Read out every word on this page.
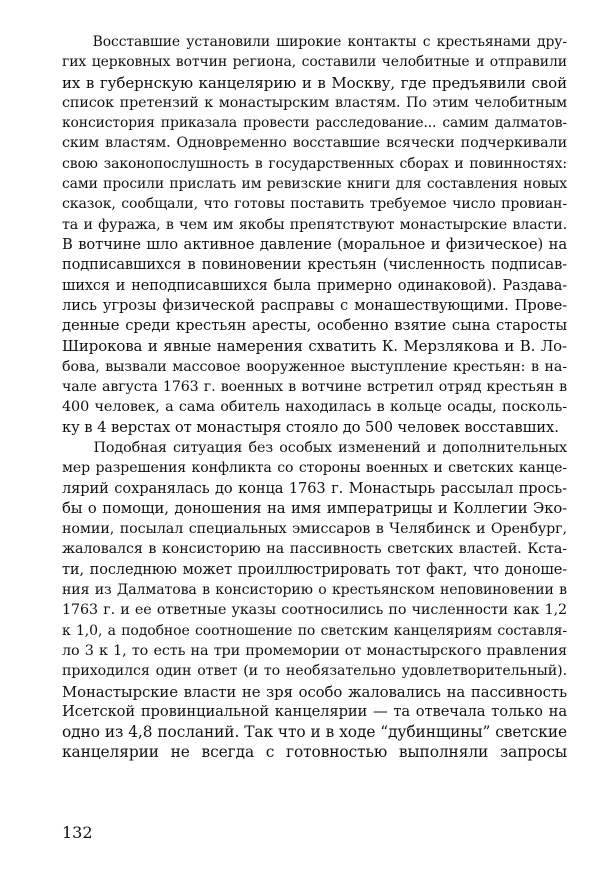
Восставшие установили широкие контакты с крестьянами дру-
гих церковных вотчин региона, составили челобитные и отправили
их в губернскую канцелярию и в Москву, где предъявили свой
список претензий к монастырским властям. По этим челобитным
консистория приказала провести расследование... самим далматов-
ским властям. Одновременно восставшие всячески подчеркивали
свою законопослушность в государственных сборах и повинностях:
сами просили прислать им ревизские книги для составления новых
сказок, сообщали, что готовы поставить требуемое число провиан-
та и фуража, в чем им якобы препятствуют монастырские власти.
В вотчине шло активное давление (моральное и физическое) на
подписавшихся в повиновении крестьян (численность подписав-
шихся и неподписавшихся была примерно одинаковой). Раздава-
лись угрозы физической расправы с монашествующими. Прове-
денные среди крестьян аресты, особенно взятие сына старосты
Широкова и явные намерения схватить К. Мерзлякова и В. Ло-
бова, вызвали массовое вооруженное выступление крестьян: в на-
чале августа 1763 г. военных в вотчине встретил отряд крестьян в
400 человек, а сама обитель находилась в кольце осады, посколь-
ку в 4 верстах от монастыря стояло до 500 человек восставших.
Подобная ситуация без особых изменений и дополнительных
мер разрешения конфликта со стороны военных и светских канце-
лярий сохранялась до конца 1763 г. Монастырь рассылал прось-
бы о помощи, доношения на имя императрицы и Коллегии Эко-
номии, посылал специальных эмиссаров в Челябинск и Оренбург,
жаловался в консисторию на пассивность светских властей. Кста-
ти, последнюю может проиллюстрировать тот факт, что доноше-
ния из Далматова в консисторию о крестьянском неповиновении в
1763 г. и ее ответные указы соотносились по численности как 1,2
к 1,0, а подобное соотношение по светским канцеляриям составля-
ло 3 к 1, то есть на три промемории от монастырского правления
приходился один ответ (и то необязательно удовлетворительный).
Монастырские власти не зря особо жаловались на пассивность
Исетской провинциальной канцелярии — та отвечала только на
одно из 4,8 посланий. Так что и в ходе “дубинщины” светские
канцелярии не всегда с готовностью выполняли запросы
132
